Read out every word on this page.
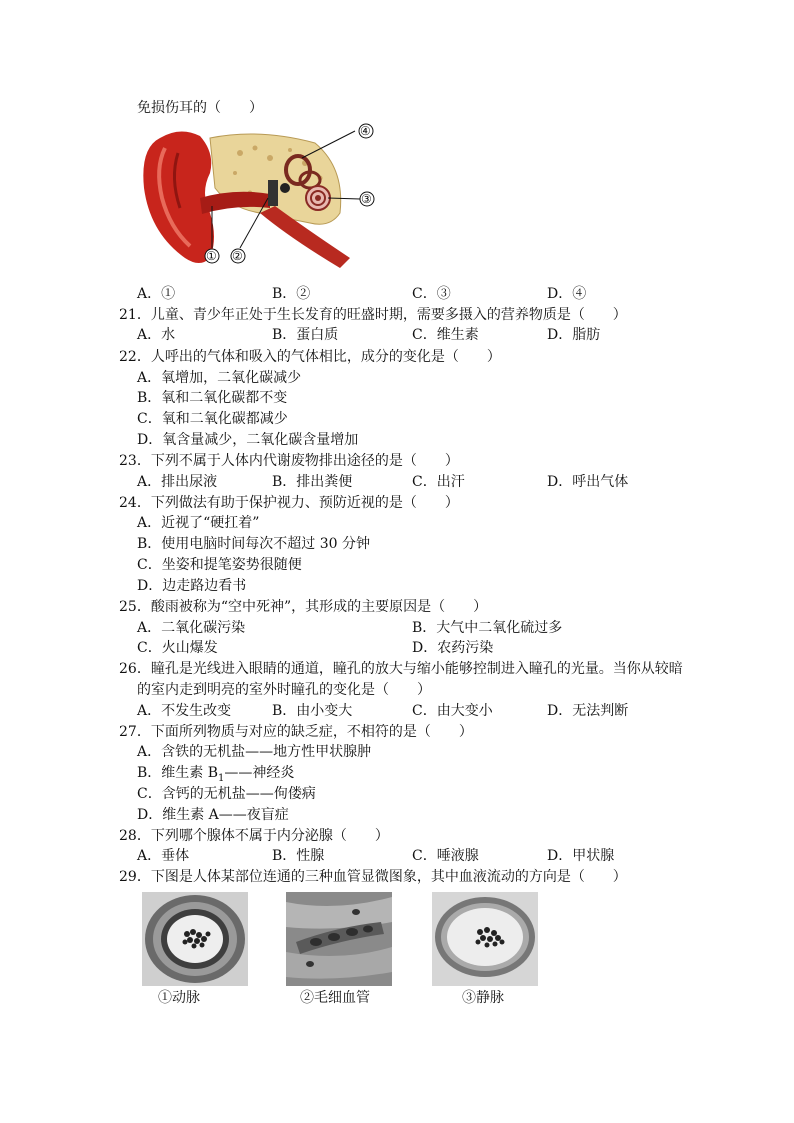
免损伤耳的（　　）
④
③
① ②
A．①	B．②	C．③	D．④
21．儿童、青少年正处于生长发育的旺盛时期，需要多摄入的营养物质是（　　）
A．水	B．蛋白质	C．维生素	D．脂肪
22．人呼出的气体和吸入的气体相比，成分的变化是（　　）
A．氧增加，二氧化碳减少
B．氧和二氧化碳都不变
C．氧和二氧化碳都减少
D．氧含量减少，二氧化碳含量增加
23．下列不属于人体内代谢废物排出途径的是（　　）
A．排出尿液	B．排出粪便	C．出汗	D．呼出气体
24．下列做法有助于保护视力、预防近视的是（　　）
A．近视了“硬扛着”
B．使用电脑时间每次不超过 30 分钟
C．坐姿和提笔姿势很随便
D．边走路边看书
25．酸雨被称为“空中死神”，其形成的主要原因是（　　）
A．二氧化碳污染	B．大气中二氧化硫过多
C．火山爆发	D．农药污染
26．瞳孔是光线进入眼睛的通道，瞳孔的放大与缩小能够控制进入瞳孔的光量。当你从较暗
的室内走到明亮的室外时瞳孔的变化是（　　）
A．不发生改变	B．由小变大	C．由大变小	D．无法判断
27．下面所列物质与对应的缺乏症，不相符的是（　　）
A．含铁的无机盐——地方性甲状腺肿
B．维生素 $B_1——$神经炎
C．含钙的无机盐——佝偻病
D．维生素 A——夜盲症
28．下列哪个腺体不属于内分泌腺（　　）
A．垂体	B．性腺	C．唾液腺	D．甲状腺
29．下图是人体某部位连通的三种血管显微图象，其中血液流动的方向是（　　）
①动脉	②毛细血管	③静脉
